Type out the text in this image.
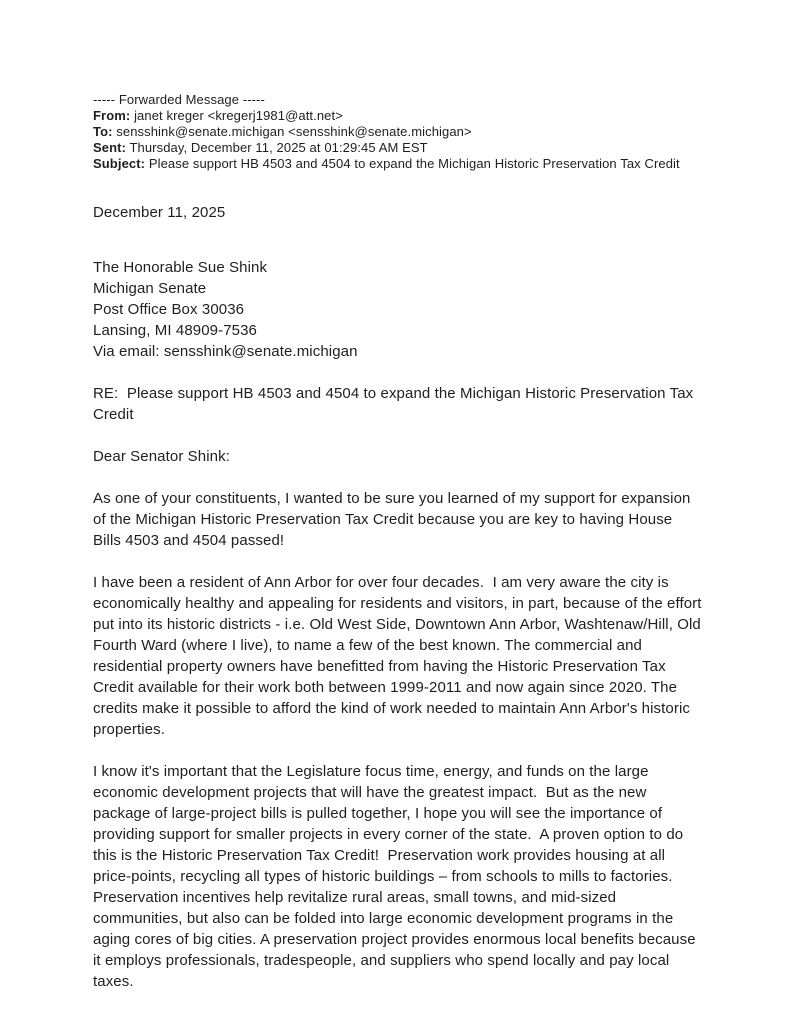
----- Forwarded Message -----
From: janet kreger <kregerj1981@att.net>
To: sensshink@senate.michigan <sensshink@senate.michigan>
Sent: Thursday, December 11, 2025 at 01:29:45 AM EST
Subject: Please support HB 4503 and 4504 to expand the Michigan Historic Preservation Tax Credit
December 11, 2025
The Honorable Sue Shink
Michigan Senate
Post Office Box 30036
Lansing, MI 48909-7536
Via email: sensshink@senate.michigan
RE:  Please support HB 4503 and 4504 to expand the Michigan Historic Preservation Tax Credit
Dear Senator Shink:
As one of your constituents, I wanted to be sure you learned of my support for expansion of the Michigan Historic Preservation Tax Credit because you are key to having House Bills 4503 and 4504 passed!
I have been a resident of Ann Arbor for over four decades.  I am very aware the city is economically healthy and appealing for residents and visitors, in part, because of the effort put into its historic districts - i.e. Old West Side, Downtown Ann Arbor, Washtenaw/Hill, Old Fourth Ward (where I live), to name a few of the best known. The commercial and residential property owners have benefitted from having the Historic Preservation Tax Credit available for their work both between 1999-2011 and now again since 2020. The credits make it possible to afford the kind of work needed to maintain Ann Arbor's historic properties.
I know it's important that the Legislature focus time, energy, and funds on the large economic development projects that will have the greatest impact.  But as the new package of large-project bills is pulled together, I hope you will see the importance of providing support for smaller projects in every corner of the state.  A proven option to do this is the Historic Preservation Tax Credit!  Preservation work provides housing at all price-points, recycling all types of historic buildings – from schools to mills to factories. Preservation incentives help revitalize rural areas, small towns, and mid-sized communities, but also can be folded into large economic development programs in the aging cores of big cities. A preservation project provides enormous local benefits because it employs professionals, tradespeople, and suppliers who spend locally and pay local taxes.
